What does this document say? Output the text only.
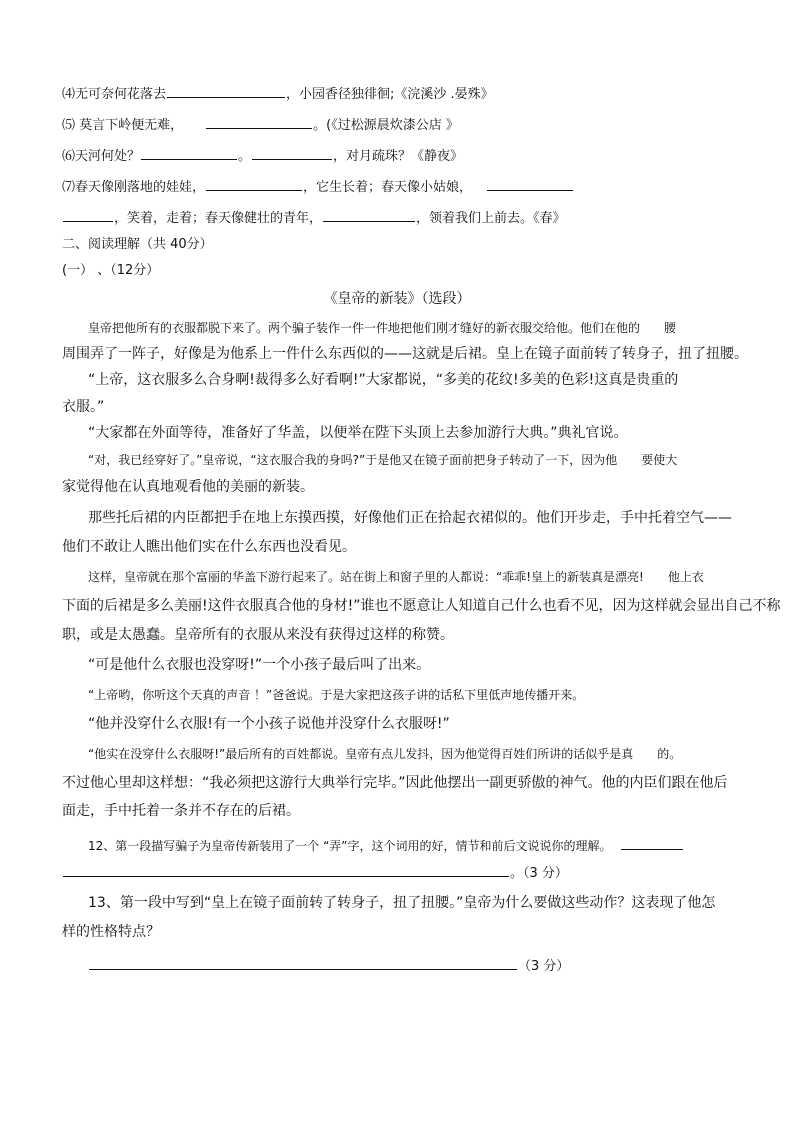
⑷无可奈何花落去	，小园香径独徘徊;《浣溪沙 .晏殊》
⑸ 莫言下岭便无难，	。(《过松源晨炊漆公店 》
⑹天河何处？	。	，对月疏珠？《静夜》
⑺春天像刚落地的娃娃，	，它生长着；春天像小姑娘，
，笑着，走着；春天像健壮的青年，	，领着我们上前去。《春》
二、阅读理解（共 40分）
(一） 、（12分）
《皇帝的新装》（选段）
皇帝把他所有的衣服都脱下来了。两个骗子装作一件一件地把他们刚才缝好的新衣服交给他。他们在他的　　腰
周围弄了一阵子，好像是为他系上一件什么东西似的——这就是后裙。皇上在镜子面前转了转身子，扭了扭腰。
“上帝，这衣服多么合身啊!裁得多么好看啊!”大家都说，“多美的花纹!多美的色彩!这真是贵重的
衣服。”
“大家都在外面等待，准备好了华盖，以便举在陛下头顶上去参加游行大典。”典礼官说。
“对，我已经穿好了。”皇帝说，“这衣服合我的身吗?”于是他又在镜子面前把身子转动了一下，因为他　　要使大
家觉得他在认真地观看他的美丽的新装。
那些托后裙的内臣都把手在地上东摸西摸，好像他们正在拾起衣裙似的。他们开步走，手中托着空气——
他们不敢让人瞧出他们实在什么东西也没看见。
这样，皇帝就在那个富丽的华盖下游行起来了。站在街上和窗子里的人都说：“乖乖!皇上的新装真是漂亮!　　他上衣
下面的后裙是多么美丽!这件衣服真合他的身材!”谁也不愿意让人知道自己什么也看不见，因为这样就会显出自己不称
职，或是太愚蠢。皇帝所有的衣服从来没有获得过这样的称赞。
“可是他什么衣服也没穿呀!”一个小孩子最后叫了出来。
“上帝哟，你听这个天真的声音 ！”爸爸说。于是大家把这孩子讲的话私下里低声地传播开来。
“他并没穿什么衣服!有一个小孩子说他并没穿什么衣服呀!”
“他实在没穿什么衣服呀!”最后所有的百姓都说。皇帝有点儿发抖，因为他觉得百姓们所讲的话似乎是真　　的。
不过他心里却这样想：“我必须把这游行大典举行完毕。”因此他摆出一副更骄傲的神气。他的内臣们跟在他后
面走，手中托着一条并不存在的后裙。
12、第一段描写骗子为皇帝传新装用了一个 “弄”字，这个词用的好，情节和前后文说说你的理解。
。（3 分）
13、第一段中写到“皇上在镜子面前转了转身子，扭了扭腰。”皇帝为什么要做这些动作？这表现了他怎
样的性格特点？
（3 分）
